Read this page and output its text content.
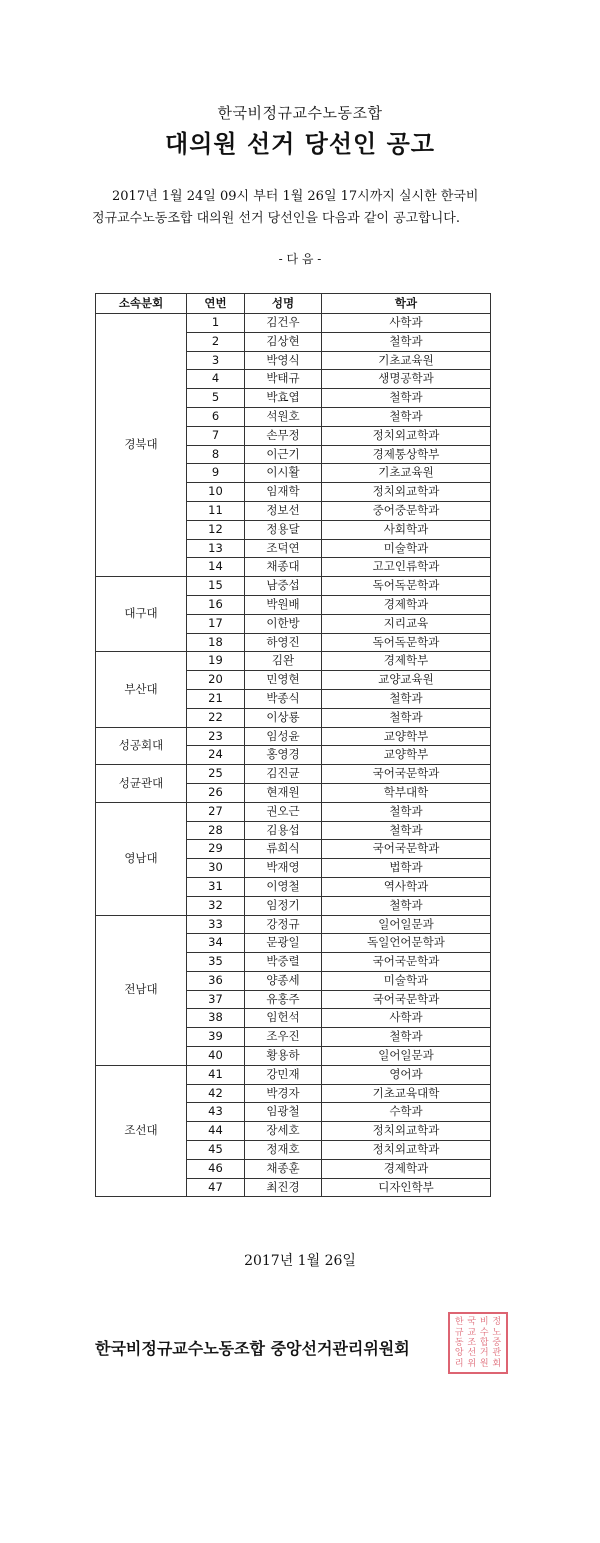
한국비정규교수노동조합
대의원 선거 당선인 공고
2017년 1월 24일 09시 부터 1월 26일 17시까지 실시한 한국비
정규교수노동조합 대의원 선거 당선인을 다음과 같이 공고합니다.
- 다 음 -
소속분회	연번	성명	학과
경북대	1	김건우	사학과
	2	김상현	철학과
	3	박영식	기초교육원
	4	박태규	생명공학과
	5	박효엽	철학과
	6	석원호	철학과
	7	손무정	정치외교학과
	8	이근기	경제통상학부
	9	이시활	기초교육원
	10	임재학	정치외교학과
	11	정보선	중어중문학과
	12	정용달	사회학과
	13	조덕연	미술학과
	14	채종대	고고인류학과
대구대	15	남중섭	독어독문학과
	16	박원배	경제학과
	17	이한방	지리교육
	18	하영진	독어독문학과
부산대	19	김완	경제학부
	20	민영현	교양교육원
	21	박종식	철학과
	22	이상룡	철학과
성공회대	23	임성윤	교양학부
	24	홍영경	교양학부
성균관대	25	김진균	국어국문학과
	26	현재원	학부대학
영남대	27	권오근	철학과
	28	김용섭	철학과
	29	류희식	국어국문학과
	30	박재영	법학과
	31	이영철	역사학과
	32	임정기	철학과
전남대	33	강정규	일어일문과
	34	문광일	독일언어문학과
	35	박중렬	국어국문학과
	36	양종세	미술학과
	37	유홍주	국어국문학과
	38	임헌석	사학과
	39	조우진	철학과
	40	황용하	일어일문과
조선대	41	강민재	영어과
	42	박경자	기초교육대학
	43	임광철	수학과
	44	장세호	정치외교학과
	45	정재호	정치외교학과
	46	채종훈	경제학과
	47	최진경	디자인학부
2017년 1월 26일
한국비정규교수노동조합 중앙선거관리위원회
한 국 비 정
규 교 수 노
동 조 합 중
앙 선 거 관
리 위 원 회
